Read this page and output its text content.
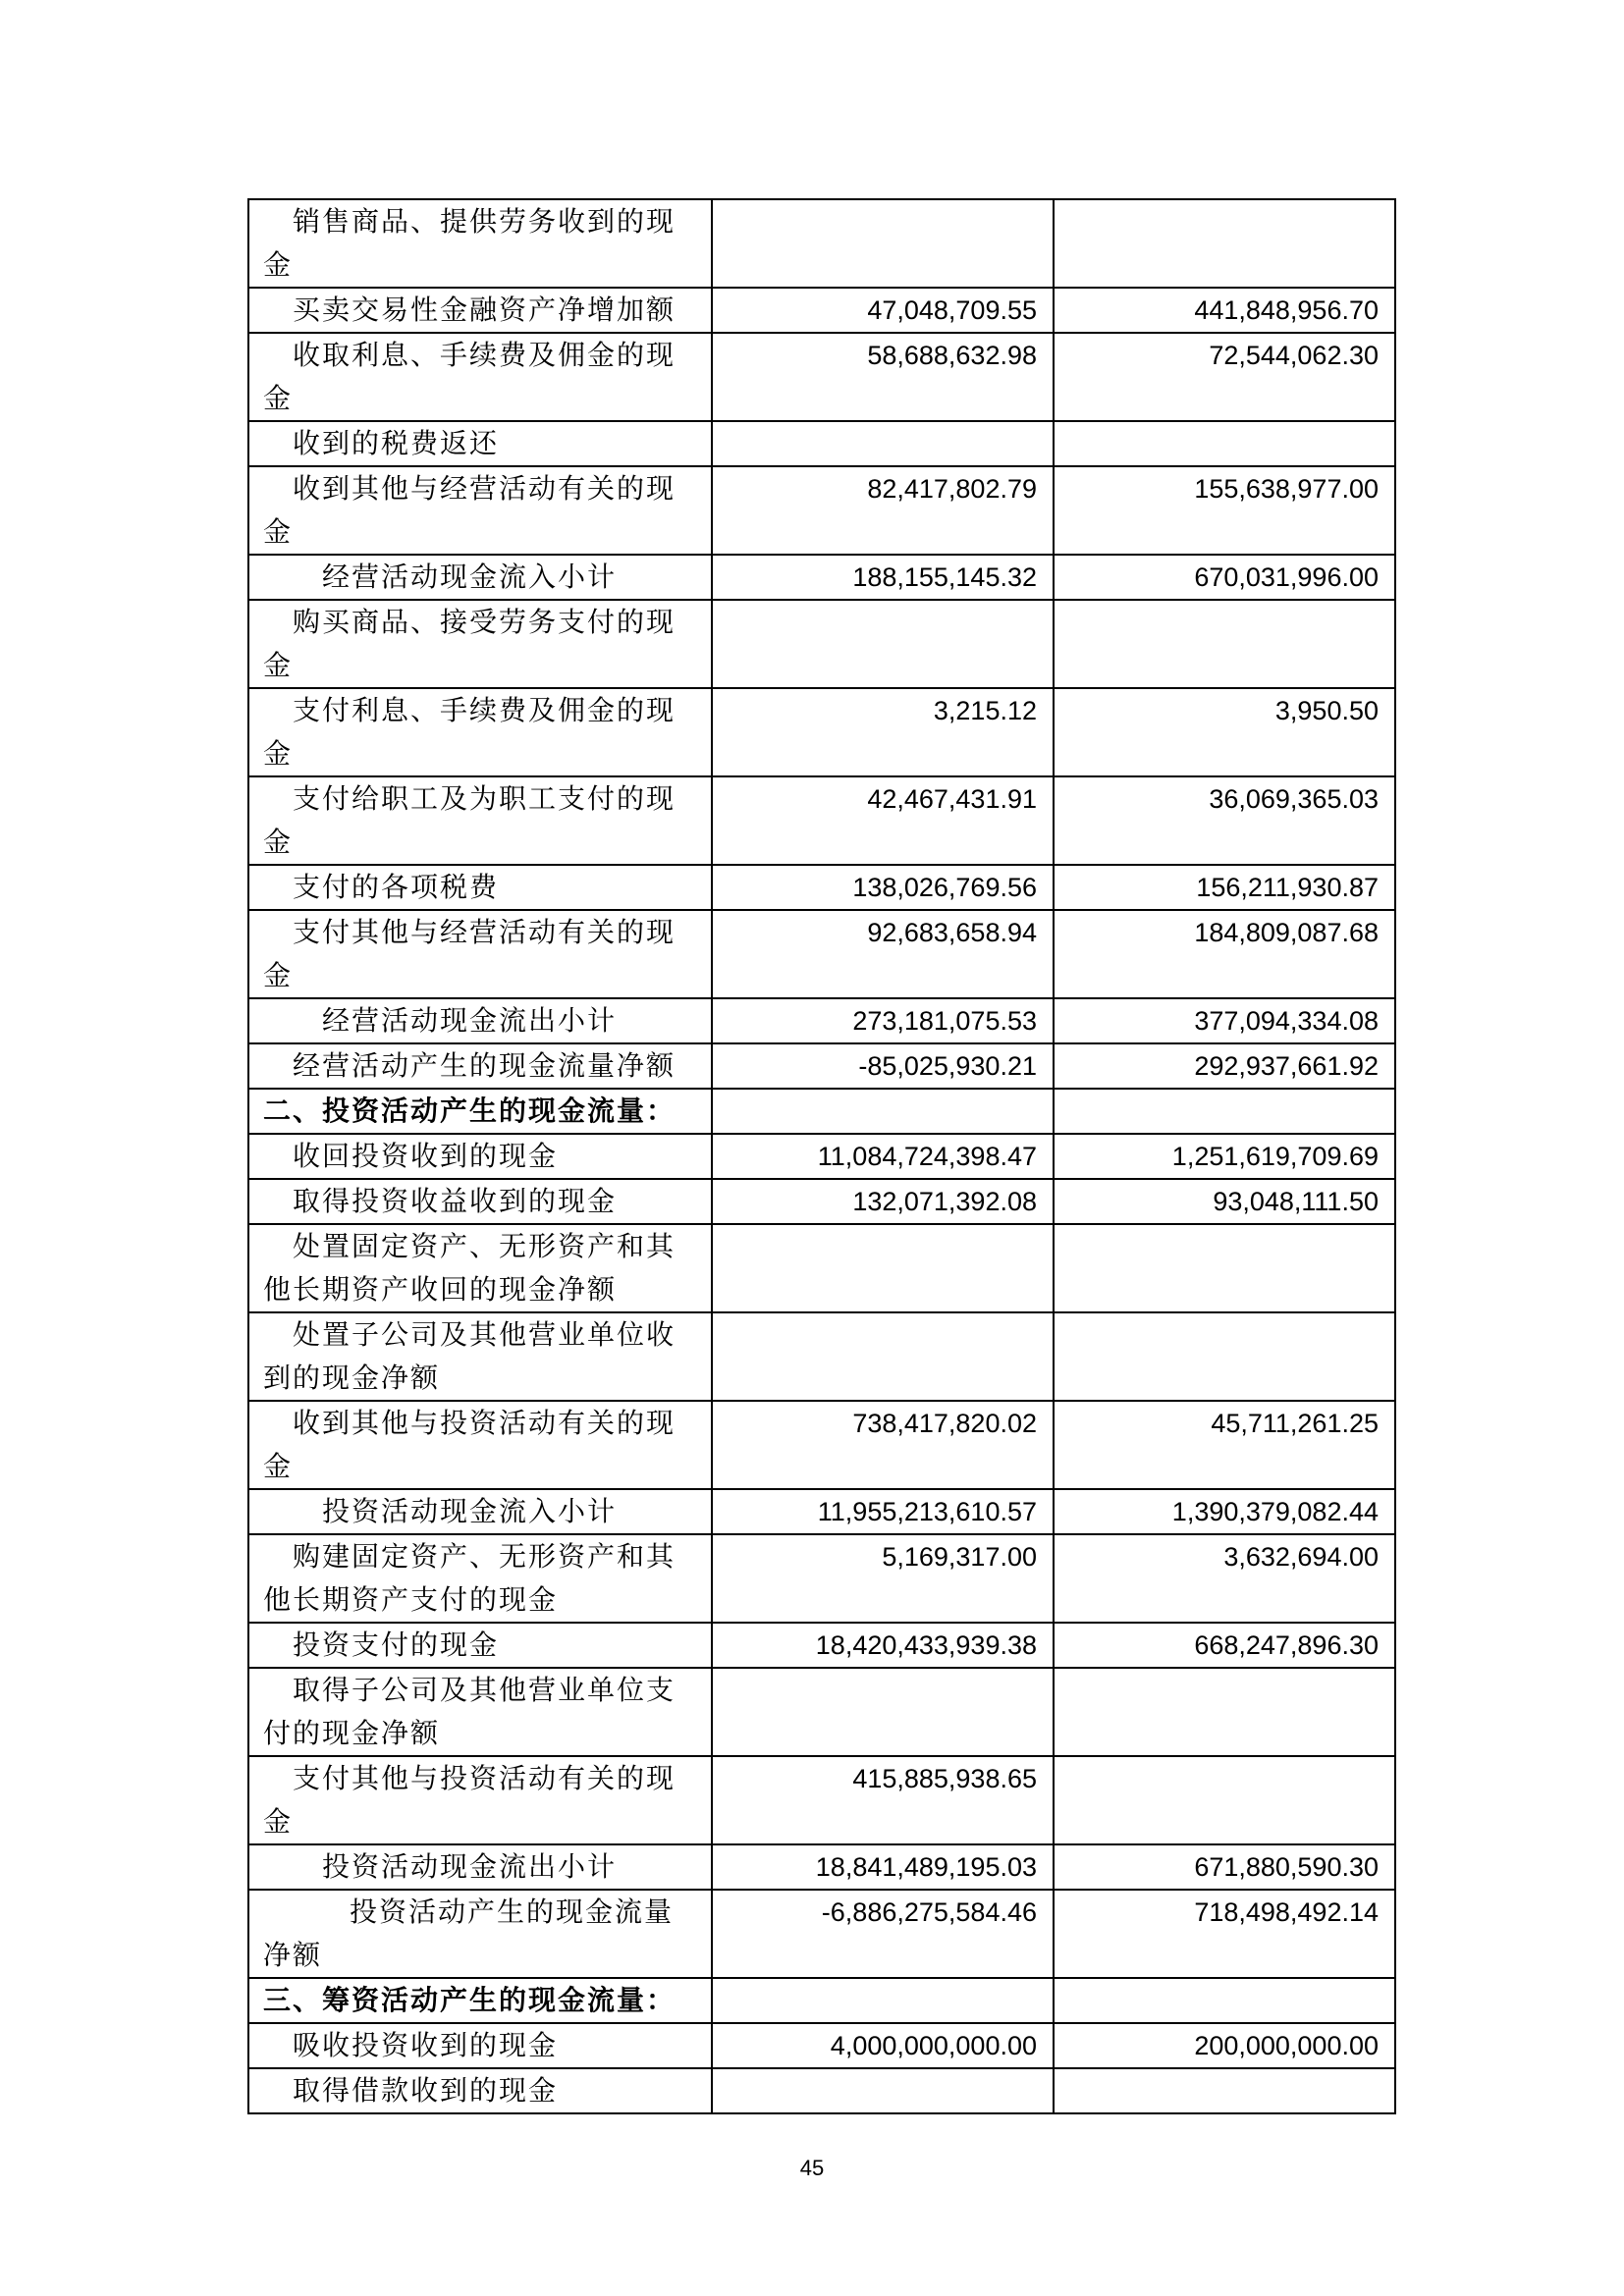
销售商品、提供劳务收到的现金		

买卖交易性金融资产净增加额	47,048,709.55	441,848,956.70

收取利息、手续费及佣金的现金	58,688,632.98	72,544,062.30

收到的税费返还		

收到其他与经营活动有关的现金	82,417,802.79	155,638,977.00

经营活动现金流入小计	188,155,145.32	670,031,996.00

购买商品、接受劳务支付的现金		

支付利息、手续费及佣金的现金	3,215.12	3,950.50

支付给职工及为职工支付的现金	42,467,431.91	36,069,365.03

支付的各项税费	138,026,769.56	156,211,930.87

支付其他与经营活动有关的现金	92,683,658.94	184,809,087.68

经营活动现金流出小计	273,181,075.53	377,094,334.08

经营活动产生的现金流量净额	-85,025,930.21	292,937,661.92

二、投资活动产生的现金流量：		

收回投资收到的现金	11,084,724,398.47	1,251,619,709.69

取得投资收益收到的现金	132,071,392.08	93,048,111.50

处置固定资产、无形资产和其他长期资产收回的现金净额		

处置子公司及其他营业单位收到的现金净额		

收到其他与投资活动有关的现金	738,417,820.02	45,711,261.25

投资活动现金流入小计	11,955,213,610.57	1,390,379,082.44

购建固定资产、无形资产和其他长期资产支付的现金	5,169,317.00	3,632,694.00

投资支付的现金	18,420,433,939.38	668,247,896.30

取得子公司及其他营业单位支付的现金净额		

支付其他与投资活动有关的现金	415,885,938.65	

投资活动现金流出小计	18,841,489,195.03	671,880,590.30

投资活动产生的现金流量净额	-6,886,275,584.46	718,498,492.14

三、筹资活动产生的现金流量：		

吸收投资收到的现金	4,000,000,000.00	200,000,000.00

取得借款收到的现金		

45
